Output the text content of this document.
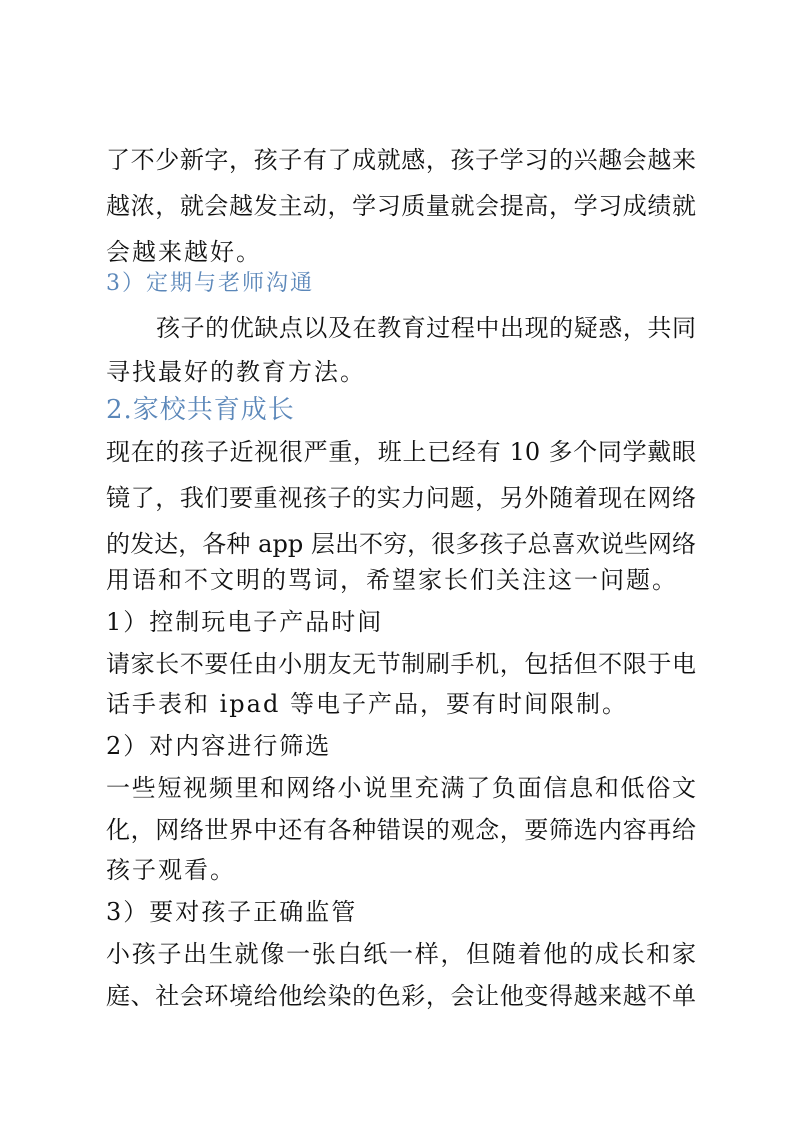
了不少新字，孩子有了成就感，孩子学习的兴趣会越来
越浓，就会越发主动，学习质量就会提高，学习成绩就
会越来越好。
3）定期与老师沟通
孩子的优缺点以及在教育过程中出现的疑惑，共同
寻找最好的教育方法。
2.家校共育成长
现在的孩子近视很严重，班上已经有 10 多个同学戴眼
镜了，我们要重视孩子的实力问题，另外随着现在网络
的发达，各种 app 层出不穷，很多孩子总喜欢说些网络
用语和不文明的骂词，希望家长们关注这一问题。
1）控制玩电子产品时间
请家长不要任由小朋友无节制刷手机，包括但不限于电
话手表和 ipad 等电子产品，要有时间限制。
2）对内容进行筛选
一些短视频里和网络小说里充满了负面信息和低俗文
化，网络世界中还有各种错误的观念，要筛选内容再给
孩子观看。
3）要对孩子正确监管
小孩子出生就像一张白纸一样，但随着他的成长和家
庭、社会环境给他绘染的色彩，会让他变得越来越不单
